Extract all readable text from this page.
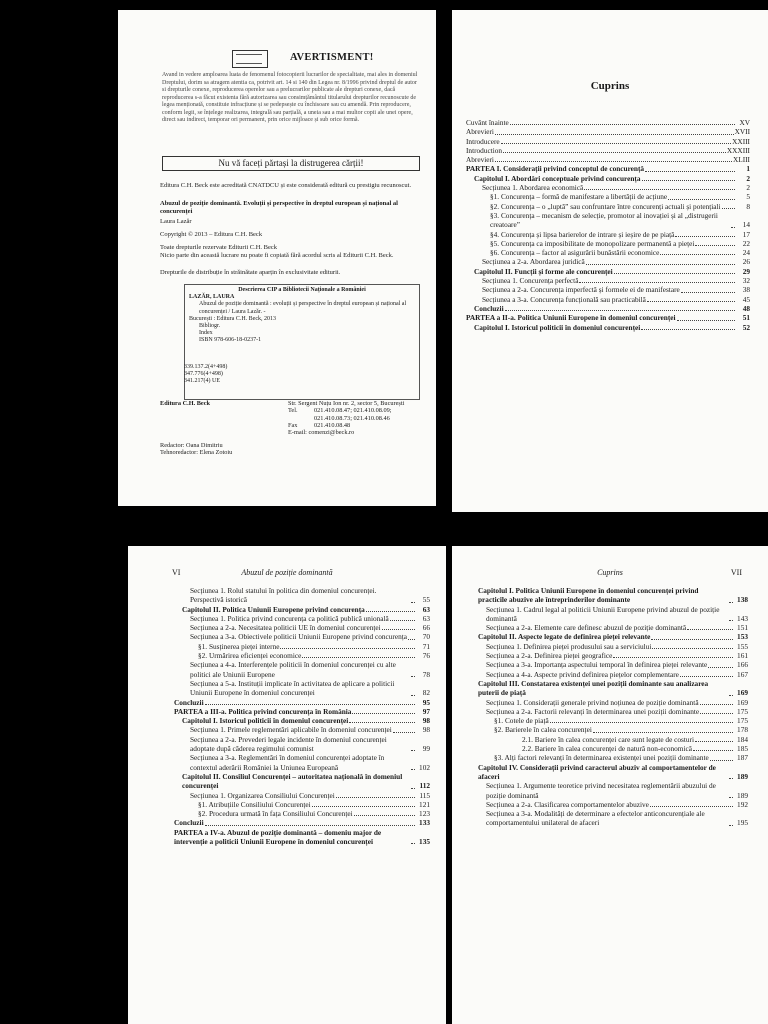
AVERTISMENT!
Avand in vedere amploarea luata de fenomenul fotocopierii lucrarilor de specialitate, mai ales in domeniul Dreptului, dorim sa atragem atentia ca, potrivit art. 14 si 140 din Legea nr. 8/1996 privind dreptul de autor si drepturile conexe, reproducerea operelor sau a prelucrarilor publicate ale drepturi conexe, dacă reproducerea s-a făcut existenta fără autorizarea sau consimțământul titularului drepturilor recunoscute de legea menționată, constituie infracțiune și se pedepsește cu închisoare sau cu amendă. Prin reproducere, conform legii, se înțelege realizarea, integrală sau parțială, a uneia sau a mai multor copii ale unei opere, direct sau indirect, temporar ori permanent, prin orice mijloace și sub orice formă.
Nu vă faceți părtași la distrugerea cărții!
Editura C.H. Beck este acreditată CNATDCU și este considerată editură cu prestigiu recunoscut.
Abuzul de poziție dominantă. Evoluții și perspective în dreptul european și național al concurenței
Laura Lazăr
Copyright © 2013 – Editura C.H. Beck
Toate drepturile rezervate Editurii C.H. Beck
Nicio parte din această lucrare nu poate fi copiată fără acordul scris al Editurii C.H. Beck.
Drepturile de distribuție în străinătate aparțin în exclusivitate editurii.
Descrierea CIP a Bibliotecii Naționale a României
LAZĂR, LAURA
Abuzul de poziție dominantă : evoluții și perspective în dreptul european și național al concurenței / Laura Lazăr. -
București : Editura C.H. Beck, 2013
Bibliogr.
Index
ISBN 978-606-18-0237-1
339.137.2(4+498)
347.776(4+498)
341.217(4) UE
Editura C.H. Beck	Str. Sergent Nuțu Ion nr. 2, sector 5, București
Tel.	021.410.08.47; 021.410.08.09;
021.410.08.73; 021.410.08.46
Fax	021.410.08.48
E-mail: comenzi@beck.ro
Redactor: Oana Dimitriu
Tehnoredactor: Elena Zotoiu
Cuprins
Cuvânt înainte	XV
Abrevieri	XVII
Introducere	XXIII
Introduction	XXXIII
Abrevieri	XLIII
PARTEA I. Considerații privind conceptul de concurență	1
Capitolul I. Abordări conceptuale privind concurența	2
Secțiunea 1. Abordarea economică	2
§1. Concurența – formă de manifestare a libertății de acțiune	5
§2. Concurența – o „luptă” sau confruntare între concurenți actuali și potențiali	8
§3. Concurența – mecanism de selecție, promotor al inovației și al „distrugerii creatoare”	14
§4. Concurența și lipsa barierelor de intrare și ieșire de pe piață	17
§5. Concurența ca imposibilitate de monopolizare permanentă a pieței	22
§6. Concurența – factor al asigurării bunăstării economice	24
Secțiunea a 2-a. Abordarea juridică	26
Capitolul II. Funcții și forme ale concurenței	29
Secțiunea 1. Concurența perfectă	32
Secțiunea a 2-a. Concurența imperfectă și formele ei de manifestare	38
Secțiunea a 3-a. Concurența funcțională sau practicabilă	45
Concluzii	48
PARTEA a II-a. Politica Uniunii Europene în domeniul concurenței	51
Capitolul I. Istoricul politicii în domeniul concurenței	52
VI	Abuzul de poziție dominantă
Secțiunea 1. Rolul statului în politica din domeniul concurenței. Perspectivă istorică	55
Capitolul II. Politica Uniunii Europene privind concurența	63
Secțiunea 1. Politica privind concurența ca politică publică unională	63
Secțiunea a 2-a. Necesitatea politicii UE în domeniul concurenței	66
Secțiunea a 3-a. Obiectivele politicii Uniunii Europene privind concurența	70
§1. Susținerea pieței interne	71
§2. Urmărirea eficienței economice	76
Secțiunea a 4-a. Interferențele politicii în domeniul concurenței cu alte politici ale Uniunii Europene	78
Secțiunea a 5-a. Instituții implicate în activitatea de aplicare a politicii Uniunii Europene în domeniul concurenței	82
Concluzii	95
PARTEA a III-a. Politica privind concurența în România	97
Capitolul I. Istoricul politicii în domeniul concurenței	98
Secțiunea 1. Primele reglementări aplicabile în domeniul concurenței	98
Secțiunea a 2-a. Prevederi legale incidente în domeniul concurenței adoptate după căderea regimului comunist	99
Secțiunea a 3-a. Reglementări în domeniul concurenței adoptate în contextul aderării României la Uniunea Europeană	102
Capitolul II. Consiliul Concurenței – autoritatea națională în domeniul concurenței	112
Secțiunea 1. Organizarea Consiliului Concurenței	115
§1. Atribuțiile Consiliului Concurenței	121
§2. Procedura urmată în fața Consiliului Concurenței	123
Concluzii	133
PARTEA a IV-a. Abuzul de poziție dominantă – domeniu major de intervenție a politicii Uniunii Europene în domeniul concurenței	135
Cuprins	VII
Capitolul I. Politica Uniunii Europene în domeniul concurenței privind practicile abuzive ale întreprinderilor dominante	138
Secțiunea 1. Cadrul legal al politicii Uniunii Europene privind abuzul de poziție dominantă	143
Secțiunea a 2-a. Elemente care definesc abuzul de poziție dominantă	151
Capitolul II. Aspecte legate de definirea pieței relevante	153
Secțiunea 1. Definirea pieței produsului sau a serviciului	155
Secțiunea a 2-a. Definirea pieței geografice	161
Secțiunea a 3-a. Importanța aspectului temporal în definirea pieței relevante	166
Secțiunea a 4-a. Aspecte privind definirea piețelor complementare	167
Capitolul III. Constatarea existenței unei poziții dominante sau analizarea puterii de piață	169
Secțiunea 1. Considerații generale privind noțiunea de poziție dominantă	169
Secțiunea a 2-a. Factorii relevanți în determinarea unei poziții dominante	175
§1. Cotele de piață	175
§2. Barierele în calea concurenței	178
2.1. Bariere în calea concurenței care sunt legate de costuri	184
2.2. Bariere în calea concurenței de natură non-economică	185
§3. Alți factori relevanți în determinarea existenței unei poziții dominante	187
Capitolul IV. Considerații privind caracterul abuziv al comportamentelor de afaceri	189
Secțiunea 1. Argumente teoretice privind necesitatea reglementării abuzului de poziție dominantă	189
Secțiunea a 2-a. Clasificarea comportamentelor abuzive	192
Secțiunea a 3-a. Modalități de determinare a efectelor anticoncurențiale ale comportamentului unilateral de afaceri	195
